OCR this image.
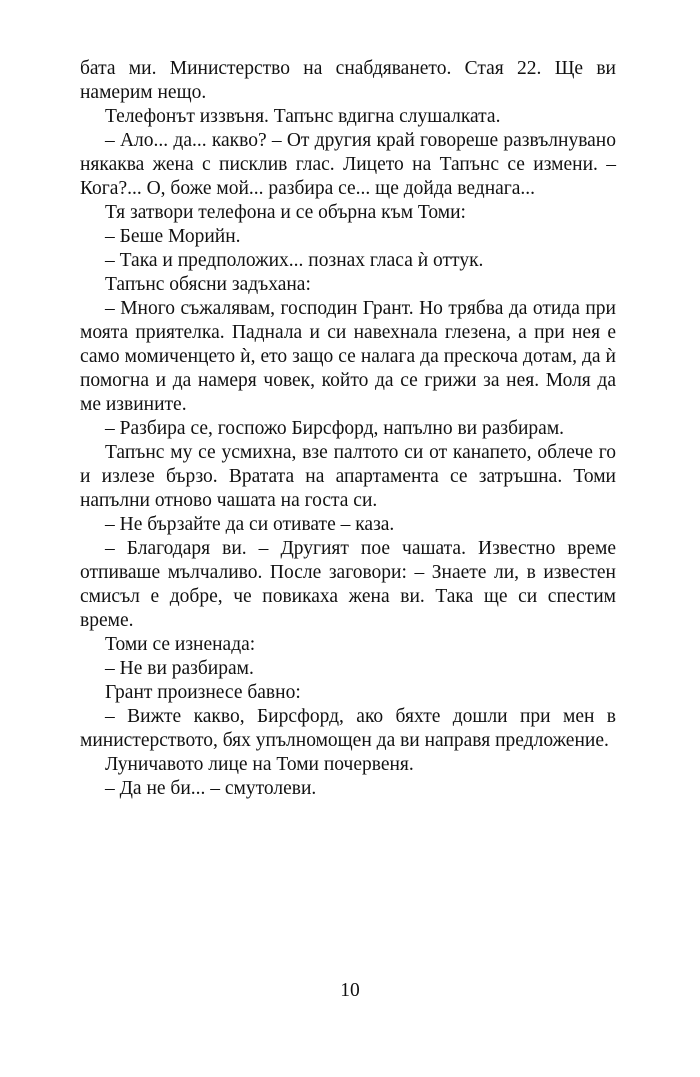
бата ми. Министерство на снабдяването. Стая 22. Ще ви намерим нещо.

Телефонът иззвъня. Тапънс вдигна слушалката.

– Ало... да... какво? – От другия край говореше развълнувано някаква жена с писклив глас. Лицето на Тапънс се измени. – Кога?... О, боже мой... разбира се... ще дойда веднага...

Тя затвори телефона и се обърна към Томи:

– Беше Морийн.

– Така и предположих... познах гласа ѝ оттук.

Тапънс обясни задъхана:

– Много съжалявам, господин Грант. Но трябва да отида при моята приятелка. Паднала и си навехнала глезена, а при нея е само момиченцето ѝ, ето защо се налага да прескоча дотам, да ѝ помогна и да намеря човек, който да се грижи за нея. Моля да ме извините.

– Разбира се, госпожо Бирсфорд, напълно ви разбирам.

Тапънс му се усмихна, взе палтото си от канапето, облече го и излезе бързо. Вратата на апартамента се затръшна. Томи напълни отново чашата на госта си.

– Не бързайте да си отивате – каза.

– Благодаря ви. – Другият пое чашата. Известно време отпиваше мълчаливо. После заговори: – Знаете ли, в известен смисъл е добре, че повикаха жена ви. Така ще си спестим време.

Томи се изненада:

– Не ви разбирам.

Грант произнесе бавно:

– Вижте какво, Бирсфорд, ако бяхте дошли при мен в министерството, бях упълномощен да ви направя предложение.

Луничавото лице на Томи почервеня.

– Да не би... – смутолеви.

10
